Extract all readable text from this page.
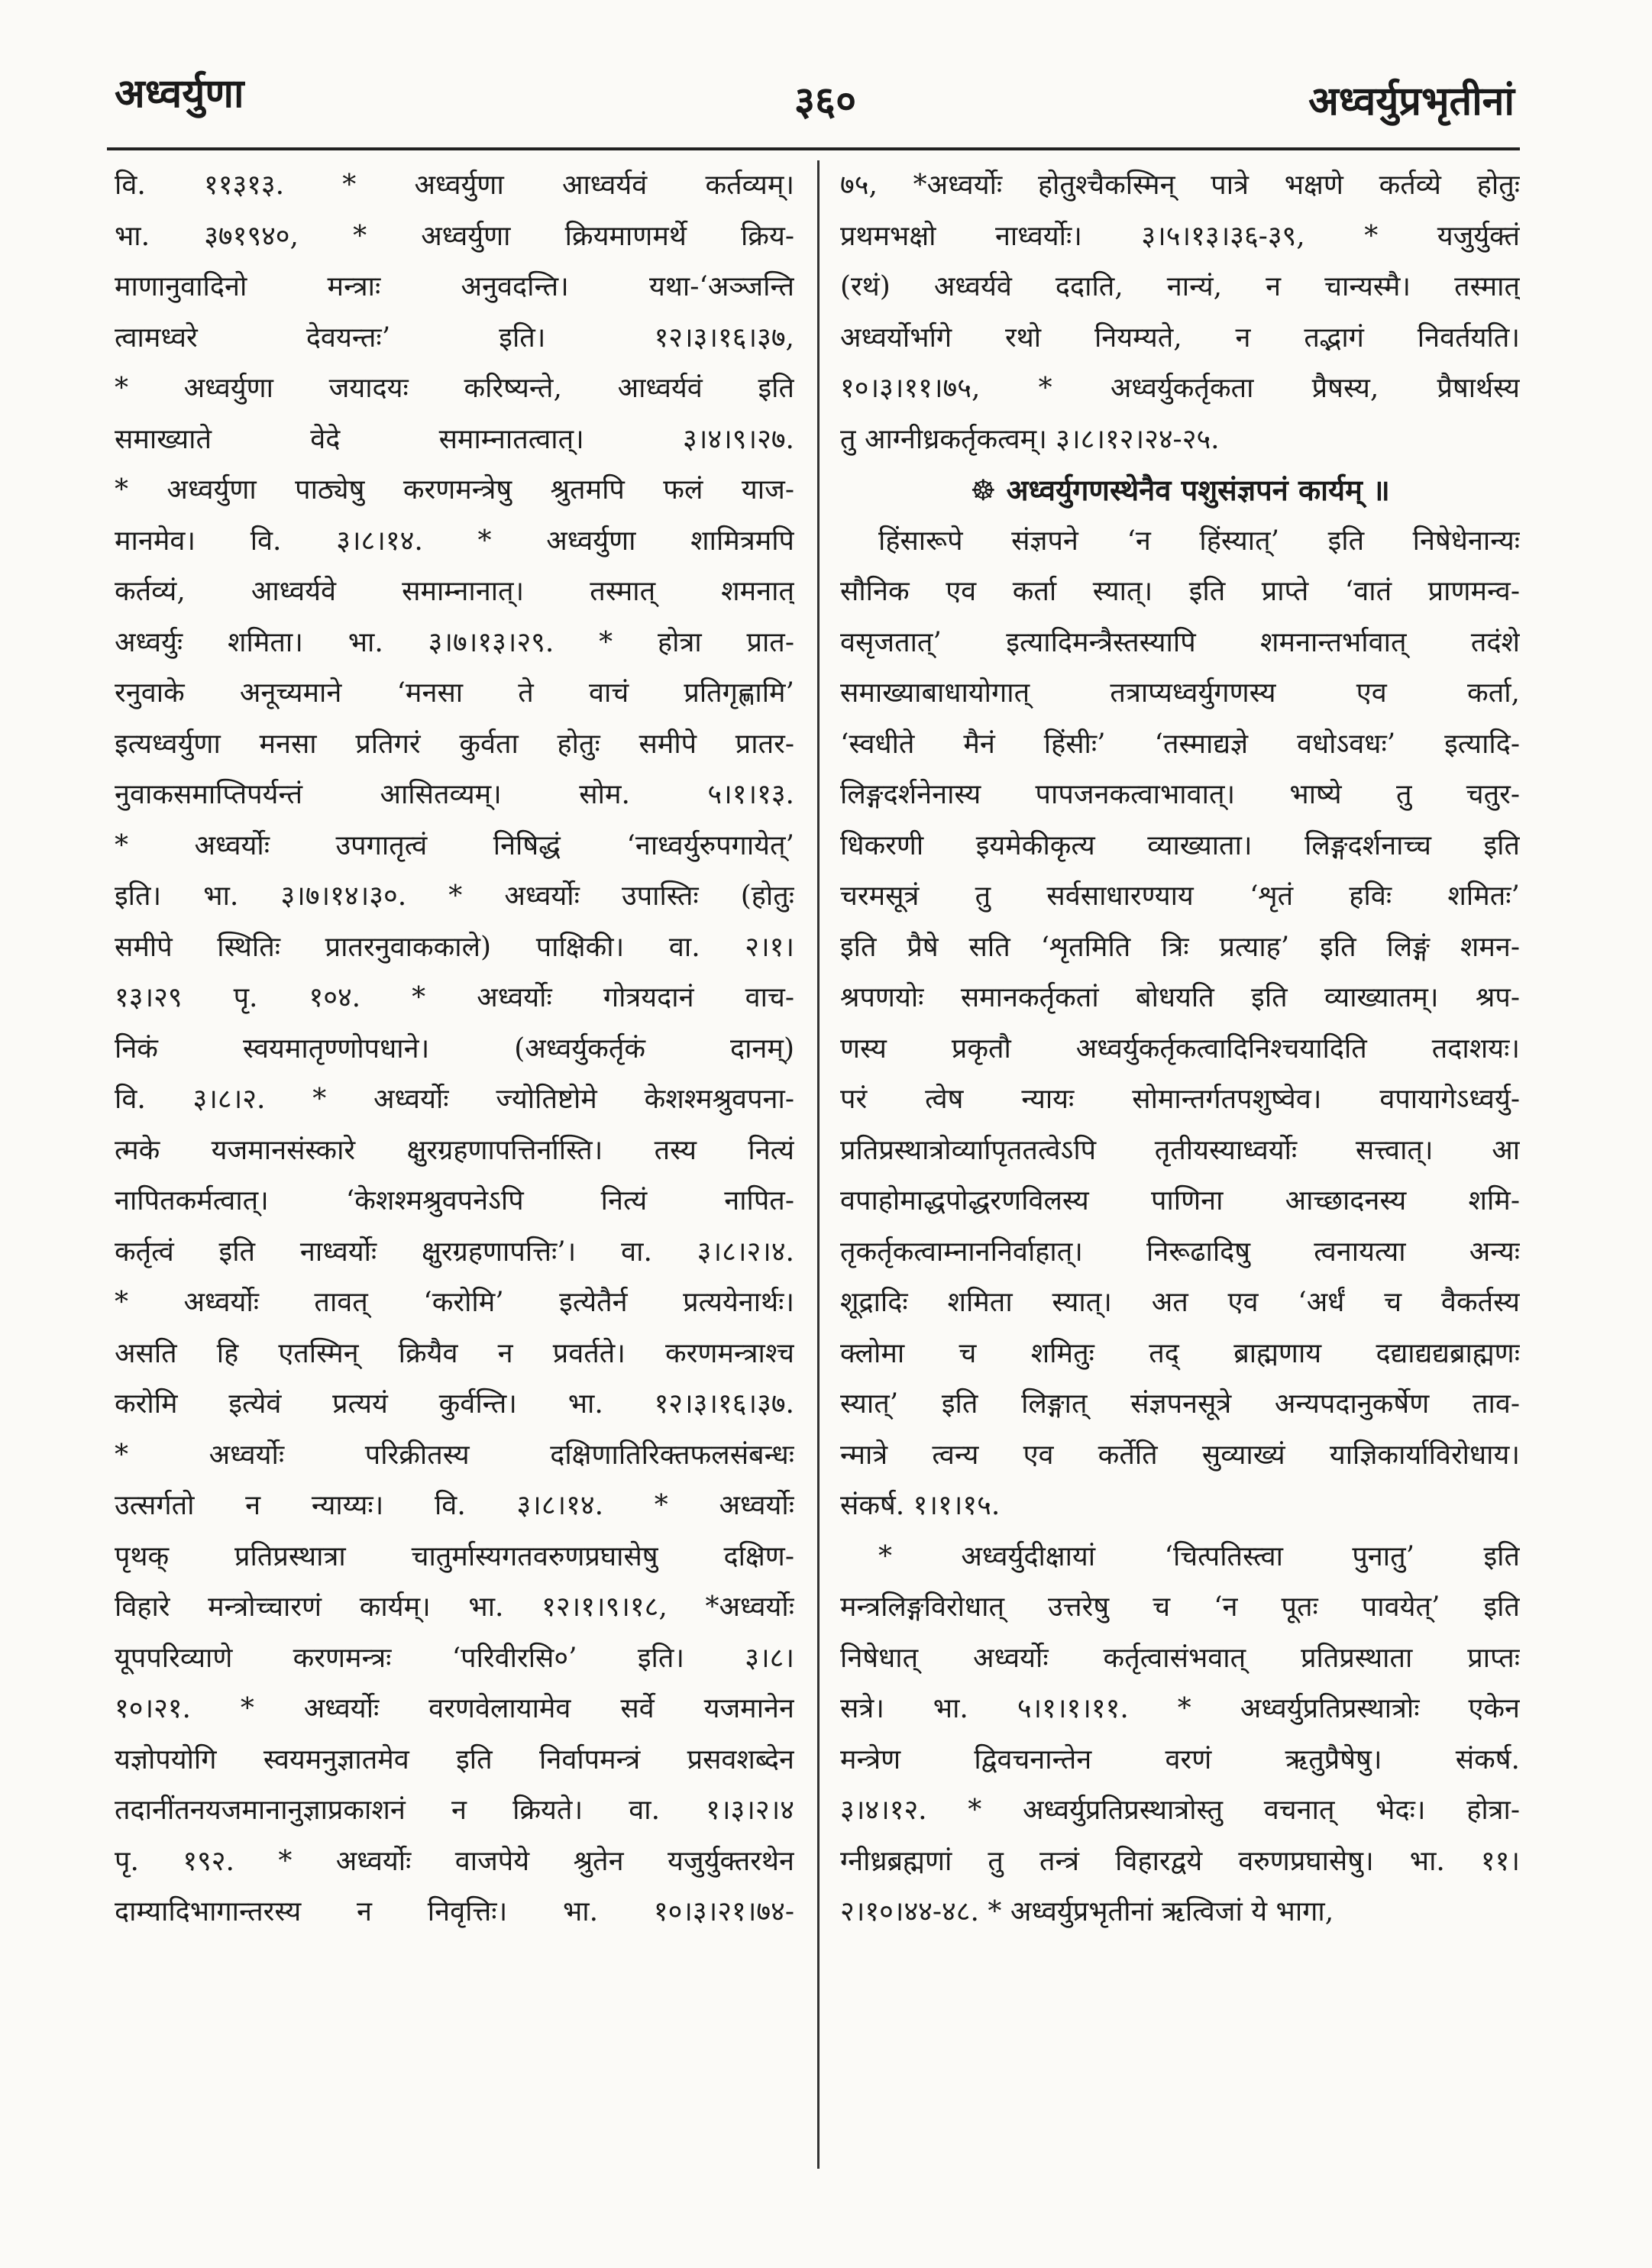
अध्वर्युणा	३६०	अध्वर्युप्रभृतीनां
वि. ११३१३. * अध्वर्युणा आध्वर्यवं कर्तव्यम्।
भा. ३७१९४०, * अध्वर्युणा क्रियमाणमर्थे क्रिय-
माणानुवादिनो मन्त्राः अनुवदन्ति। यथा-‘अञ्जन्ति
त्वामध्वरे देवयन्तः’ इति। १२।३।१६।३७,
* अध्वर्युणा जयादयः करिष्यन्ते, आध्वर्यवं इति
समाख्याते वेदे समाम्नातत्वात्। ३।४।९।२७.
* अध्वर्युणा पाठ्येषु करणमन्त्रेषु श्रुतमपि फलं याज-
मानमेव। वि. ३।८।१४. * अध्वर्युणा शामित्रमपि
कर्तव्यं, आध्वर्यवे समाम्नानात्। तस्मात् शमनात्
अध्वर्युः शमिता। भा. ३।७।१३।२९. * होत्रा प्रात-
रनुवाके अनूच्यमाने ‘मनसा ते वाचं प्रतिगृह्णामि’
इत्यध्वर्युणा मनसा प्रतिगरं कुर्वता होतुः समीपे प्रातर-
नुवाकसमाप्तिपर्यन्तं आसितव्यम्। सोम. ५।१।१३.
* अध्वर्योः उपगातृत्वं निषिद्धं ‘नाध्वर्युरुपगायेत्’
इति। भा. ३।७।१४।३०. * अध्वर्योः उपास्तिः (होतुः
समीपे स्थितिः प्रातरनुवाककाले) पाक्षिकी। वा. २।१।
१३।२९ पृ. १०४. * अध्वर्योः गोत्रयदानं वाच-
निकं स्वयमातृण्णोपधाने। (अध्वर्युकर्तृकं दानम्)
वि. ३।८।२. * अध्वर्योः ज्योतिष्टोमे केशश्मश्रुवपना-
त्मके यजमानसंस्कारे क्षुरग्रहणापत्तिर्नास्ति। तस्य नित्यं
नापितकर्मत्वात्। ‘केशश्मश्रुवपनेऽपि नित्यं नापित-
कर्तृत्वं इति नाध्वर्योः क्षुरग्रहणापत्तिः’। वा. ३।८।२।४.
* अध्वर्योः तावत् ‘करोमि’ इत्येतैर्न प्रत्ययेनार्थः।
असति हि एतस्मिन् क्रियैव न प्रवर्तते। करणमन्त्राश्च
करोमि इत्येवं प्रत्ययं कुर्वन्ति। भा. १२।३।१६।३७.
* अध्वर्योः परिक्रीतस्य दक्षिणातिरिक्तफलसंबन्धः
उत्सर्गतो न न्याय्यः। वि. ३।८।१४. * अध्वर्योः
पृथक् प्रतिप्रस्थात्रा चातुर्मास्यगतवरुणप्रघासेषु दक्षिण-
विहारे मन्त्रोच्चारणं कार्यम्। भा. १२।१।९।१८, *अध्वर्योः
यूपपरिव्याणे करणमन्त्रः ‘परिवीरसि०’ इति। ३।८।
१०।२१. * अध्वर्योः वरणवेलायामेव सर्वे यजमानेन
यज्ञोपयोगि स्वयमनुज्ञातमेव इति निर्वापमन्त्रं प्रसवशब्देन
तदानींतनयजमानानुज्ञाप्रकाशनं न क्रियते। वा. १।३।२।४
पृ. १९२. * अध्वर्योः वाजपेये श्रुतेन यजुर्युक्तरथेन
दाम्यादिभागान्तरस्य न निवृत्तिः। भा. १०।३।२१।७४-
७५, *अध्वर्योः होतुश्चैकस्मिन् पात्रे भक्षणे कर्तव्ये होतुः
प्रथमभक्षो नाध्वर्योः। ३।५।१३।३६-३९, * यजुर्युक्तं
(रथं) अध्वर्यवे ददाति, नान्यं, न चान्यस्मै। तस्मात्
अध्वर्योर्भागे रथो नियम्यते, न तद्भागं निवर्तयति।
१०।३।११।७५, * अध्वर्युकर्तृकता प्रैषस्य, प्रैषार्थस्य
तु आग्नीध्रकर्तृकत्वम्। ३।८।१२।२४-२५.
☸ अध्वर्युगणस्थेनैव पशुसंज्ञपनं कार्यम् ॥
हिंसारूपे संज्ञपने ‘न हिंस्यात्’ इति निषेधेनान्यः
सौनिक एव कर्ता स्यात्। इति प्राप्ते ‘वातं प्राणमन्व-
वसृजतात्’ इत्यादिमन्त्रैस्तस्यापि शमनान्तर्भावात् तदंशे
समाख्याबाधायोगात् तत्राप्यध्वर्युगणस्य एव कर्ता,
‘स्वधीते मैनं हिंसीः’ ‘तस्माद्यज्ञे वधोऽवधः’ इत्यादि-
लिङ्गदर्शनेनास्य पापजनकत्वाभावात्। भाष्ये तु चतुर-
धिकरणी इयमेकीकृत्य व्याख्याता। लिङ्गदर्शनाच्च इति
चरमसूत्रं तु सर्वसाधारण्याय ‘शृतं हविः शमितः’
इति प्रैषे सति ‘शृतमिति त्रिः प्रत्याह’ इति लिङ्गं शमन-
श्रपणयोः समानकर्तृकतां बोधयति इति व्याख्यातम्। श्रप-
णस्य प्रकृतौ अध्वर्युकर्तृकत्वादिनिश्चयादिति तदाशयः।
परं त्वेष न्यायः सोमान्तर्गतपशुष्वेव। वपायागेऽध्वर्यु-
प्रतिप्रस्थात्रोर्व्याापृततत्वेऽपि तृतीयस्याध्वर्योः सत्त्वात्। आ
वपाहोमाद्धपोद्धरणविलस्य पाणिना आच्छादनस्य शमि-
तृकर्तृकत्वाम्नाननिर्वाहात्। निरूढादिषु त्वनायत्या अन्यः
शूद्रादिः शमिता स्यात्। अत एव ‘अर्धं च वैकर्तस्य
क्लोमा च शमितुः तद् ब्राह्मणाय दद्याद्यद्यब्राह्मणः
स्यात्’ इति लिङ्गात् संज्ञपनसूत्रे अन्यपदानुकर्षेण ताव-
न्मात्रे त्वन्य एव कर्तेति सुव्याख्यं याज्ञिकार्याविरोधाय।
संकर्ष. १।१।१५.
* अध्वर्युदीक्षायां ‘चित्पतिस्त्वा पुनातु’ इति
मन्त्रलिङ्गविरोधात् उत्तरेषु च ‘न पूतः पावयेत्’ इति
निषेधात् अध्वर्योः कर्तृत्वासंभवात् प्रतिप्रस्थाता प्राप्तः
सत्रे। भा. ५।१।१।११. * अध्वर्युप्रतिप्रस्थात्रोः एकेन
मन्त्रेण द्विवचनान्तेन वरणं ऋतुप्रैषेषु। संकर्ष.
३।४।१२. * अध्वर्युप्रतिप्रस्थात्रोस्तु वचनात् भेदः। होत्रा-
ग्नीध्रब्रह्मणां तु तन्त्रं विहारद्वये वरुणप्रघासेषु। भा. ११।
२।१०।४४-४८. * अध्वर्युप्रभृतीनां ऋत्विजां ये भागा,
